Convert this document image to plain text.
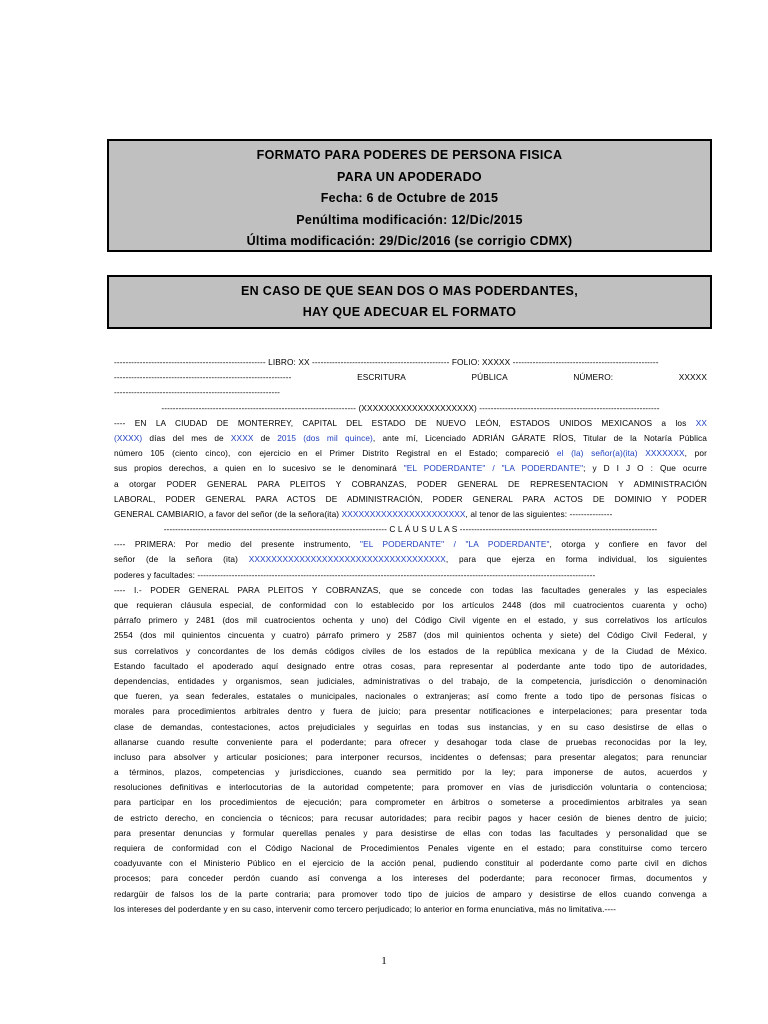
FORMATO PARA PODERES DE PERSONA FISICA
PARA UN APODERADO
Fecha: 6 de Octubre de 2015
Penúltima modificación: 12/Dic/2015
Última modificación: 29/Dic/2016 (se corrigio CDMX)
EN CASO DE QUE SEAN DOS O MAS PODERDANTES,
HAY QUE ADECUAR EL FORMATO
----------------------------------------------------- LIBRO: XX ------------------------------------------------ FOLIO: XXXXX ---------------------------------------------------
--------------------------------------------------------------	ESCRITURA	PÚBLICA	NÚMERO:	XXXXX
----------------------------------------------------------
-------------------------------------------------------------------- (XXXXXXXXXXXXXXXXXXXX) ---------------------------------------------------------------
---- EN LA CIUDAD DE MONTERREY, CAPITAL DEL ESTADO DE NUEVO LEÓN, ESTADOS UNIDOS MEXICANOS a los XX
(XXXX) días del mes de XXXX de 2015 (dos mil quince), ante mí, Licenciado ADRIÁN GÁRATE RÍOS, Titular de la Notaría Pública
número 105 (ciento cinco), con ejercicio en el Primer Distrito Registral en el Estado; compareció el (la) señor(a)(ita) XXXXXXX, por
sus propios derechos, a quien en lo sucesivo se le denominará "EL PODERDANTE" / "LA PODERDANTE"; y D I J O : Que ocurre
a otorgar PODER GENERAL PARA PLEITOS Y COBRANZAS, PODER GENERAL DE REPRESENTACION Y ADMINISTRACIÓN
LABORAL, PODER GENERAL PARA ACTOS DE ADMINISTRACIÓN, PODER GENERAL PARA ACTOS DE DOMINIO Y PODER
GENERAL CAMBIARIO, a favor del señor (de la señora(ita) XXXXXXXXXXXXXXXXXXXXXX, al tenor de las siguientes: ---------------
------------------------------------------------------------------------------ C L Á U S U L A S ---------------------------------------------------------------------
---- PRIMERA: Por medio del presente instrumento, "EL PODERDANTE" / "LA PODERDANTE", otorga y confiere en favor del
señor (de la señora (ita) XXXXXXXXXXXXXXXXXXXXXXXXXXXXXXXXXXX, para que ejerza en forma individual, los siguientes
poderes y facultades: -------------------------------------------------------------------------------------------------------------------------------------------
---- I.- PODER GENERAL PARA PLEITOS Y COBRANZAS, que se concede con todas las facultades generales y las especiales
que requieran cláusula especial, de conformidad con lo establecido por los artículos 2448 (dos mil cuatrocientos cuarenta y ocho)
párrafo primero y 2481 (dos mil cuatrocientos ochenta y uno) del Código Civil vigente en el estado, y sus correlativos los artículos
2554 (dos mil quinientos cincuenta y cuatro) párrafo primero y 2587 (dos mil quinientos ochenta y siete) del Código Civil Federal, y
sus correlativos y concordantes de los demás códigos civiles de los estados de la república mexicana y de la Ciudad de México.
Estando facultado el apoderado aquí designado entre otras cosas, para representar al poderdante ante todo tipo de autoridades,
dependencias, entidades y organismos, sean judiciales, administrativas o del trabajo, de la competencia, jurisdicción o denominación
que fueren, ya sean federales, estatales o municipales, nacionales o extranjeras; así como frente a todo tipo de personas físicas o
morales para procedimientos arbitrales dentro y fuera de juicio; para presentar notificaciones e interpelaciones; para presentar toda
clase de demandas, contestaciones, actos prejudiciales y seguirlas en todas sus instancias, y en su caso desistirse de ellas o
allanarse cuando resulte conveniente para el poderdante; para ofrecer y desahogar toda clase de pruebas reconocidas por la ley,
incluso para absolver y articular posiciones; para interponer recursos, incidentes o defensas; para presentar alegatos; para renunciar
a términos, plazos, competencias y jurisdicciones, cuando sea permitido por la ley; para imponerse de autos, acuerdos y
resoluciones definitivas e interlocutorias de la autoridad competente; para promover en vías de jurisdicción voluntaria o contenciosa;
para participar en los procedimientos de ejecución; para comprometer en árbitros o someterse a procedimientos arbitrales ya sean
de estricto derecho, en conciencia o técnicos; para recusar autoridades; para recibir pagos y hacer cesión de bienes dentro de juicio;
para presentar denuncias y formular querellas penales y para desistirse de ellas con todas las facultades y personalidad que se
requiera de conformidad con el Código Nacional de Procedimientos Penales vigente en el estado; para constituirse como tercero
coadyuvante con el Ministerio Público en el ejercicio de la acción penal, pudiendo constituir al poderdante como parte civil en dichos
procesos; para conceder perdón cuando así convenga a los intereses del poderdante; para reconocer firmas, documentos y
redargüir de falsos los de la parte contraria; para promover todo tipo de juicios de amparo y desistirse de ellos cuando convenga a
los intereses del poderdante y en su caso, intervenir como tercero perjudicado; lo anterior en forma enunciativa, más no limitativa.----
1
